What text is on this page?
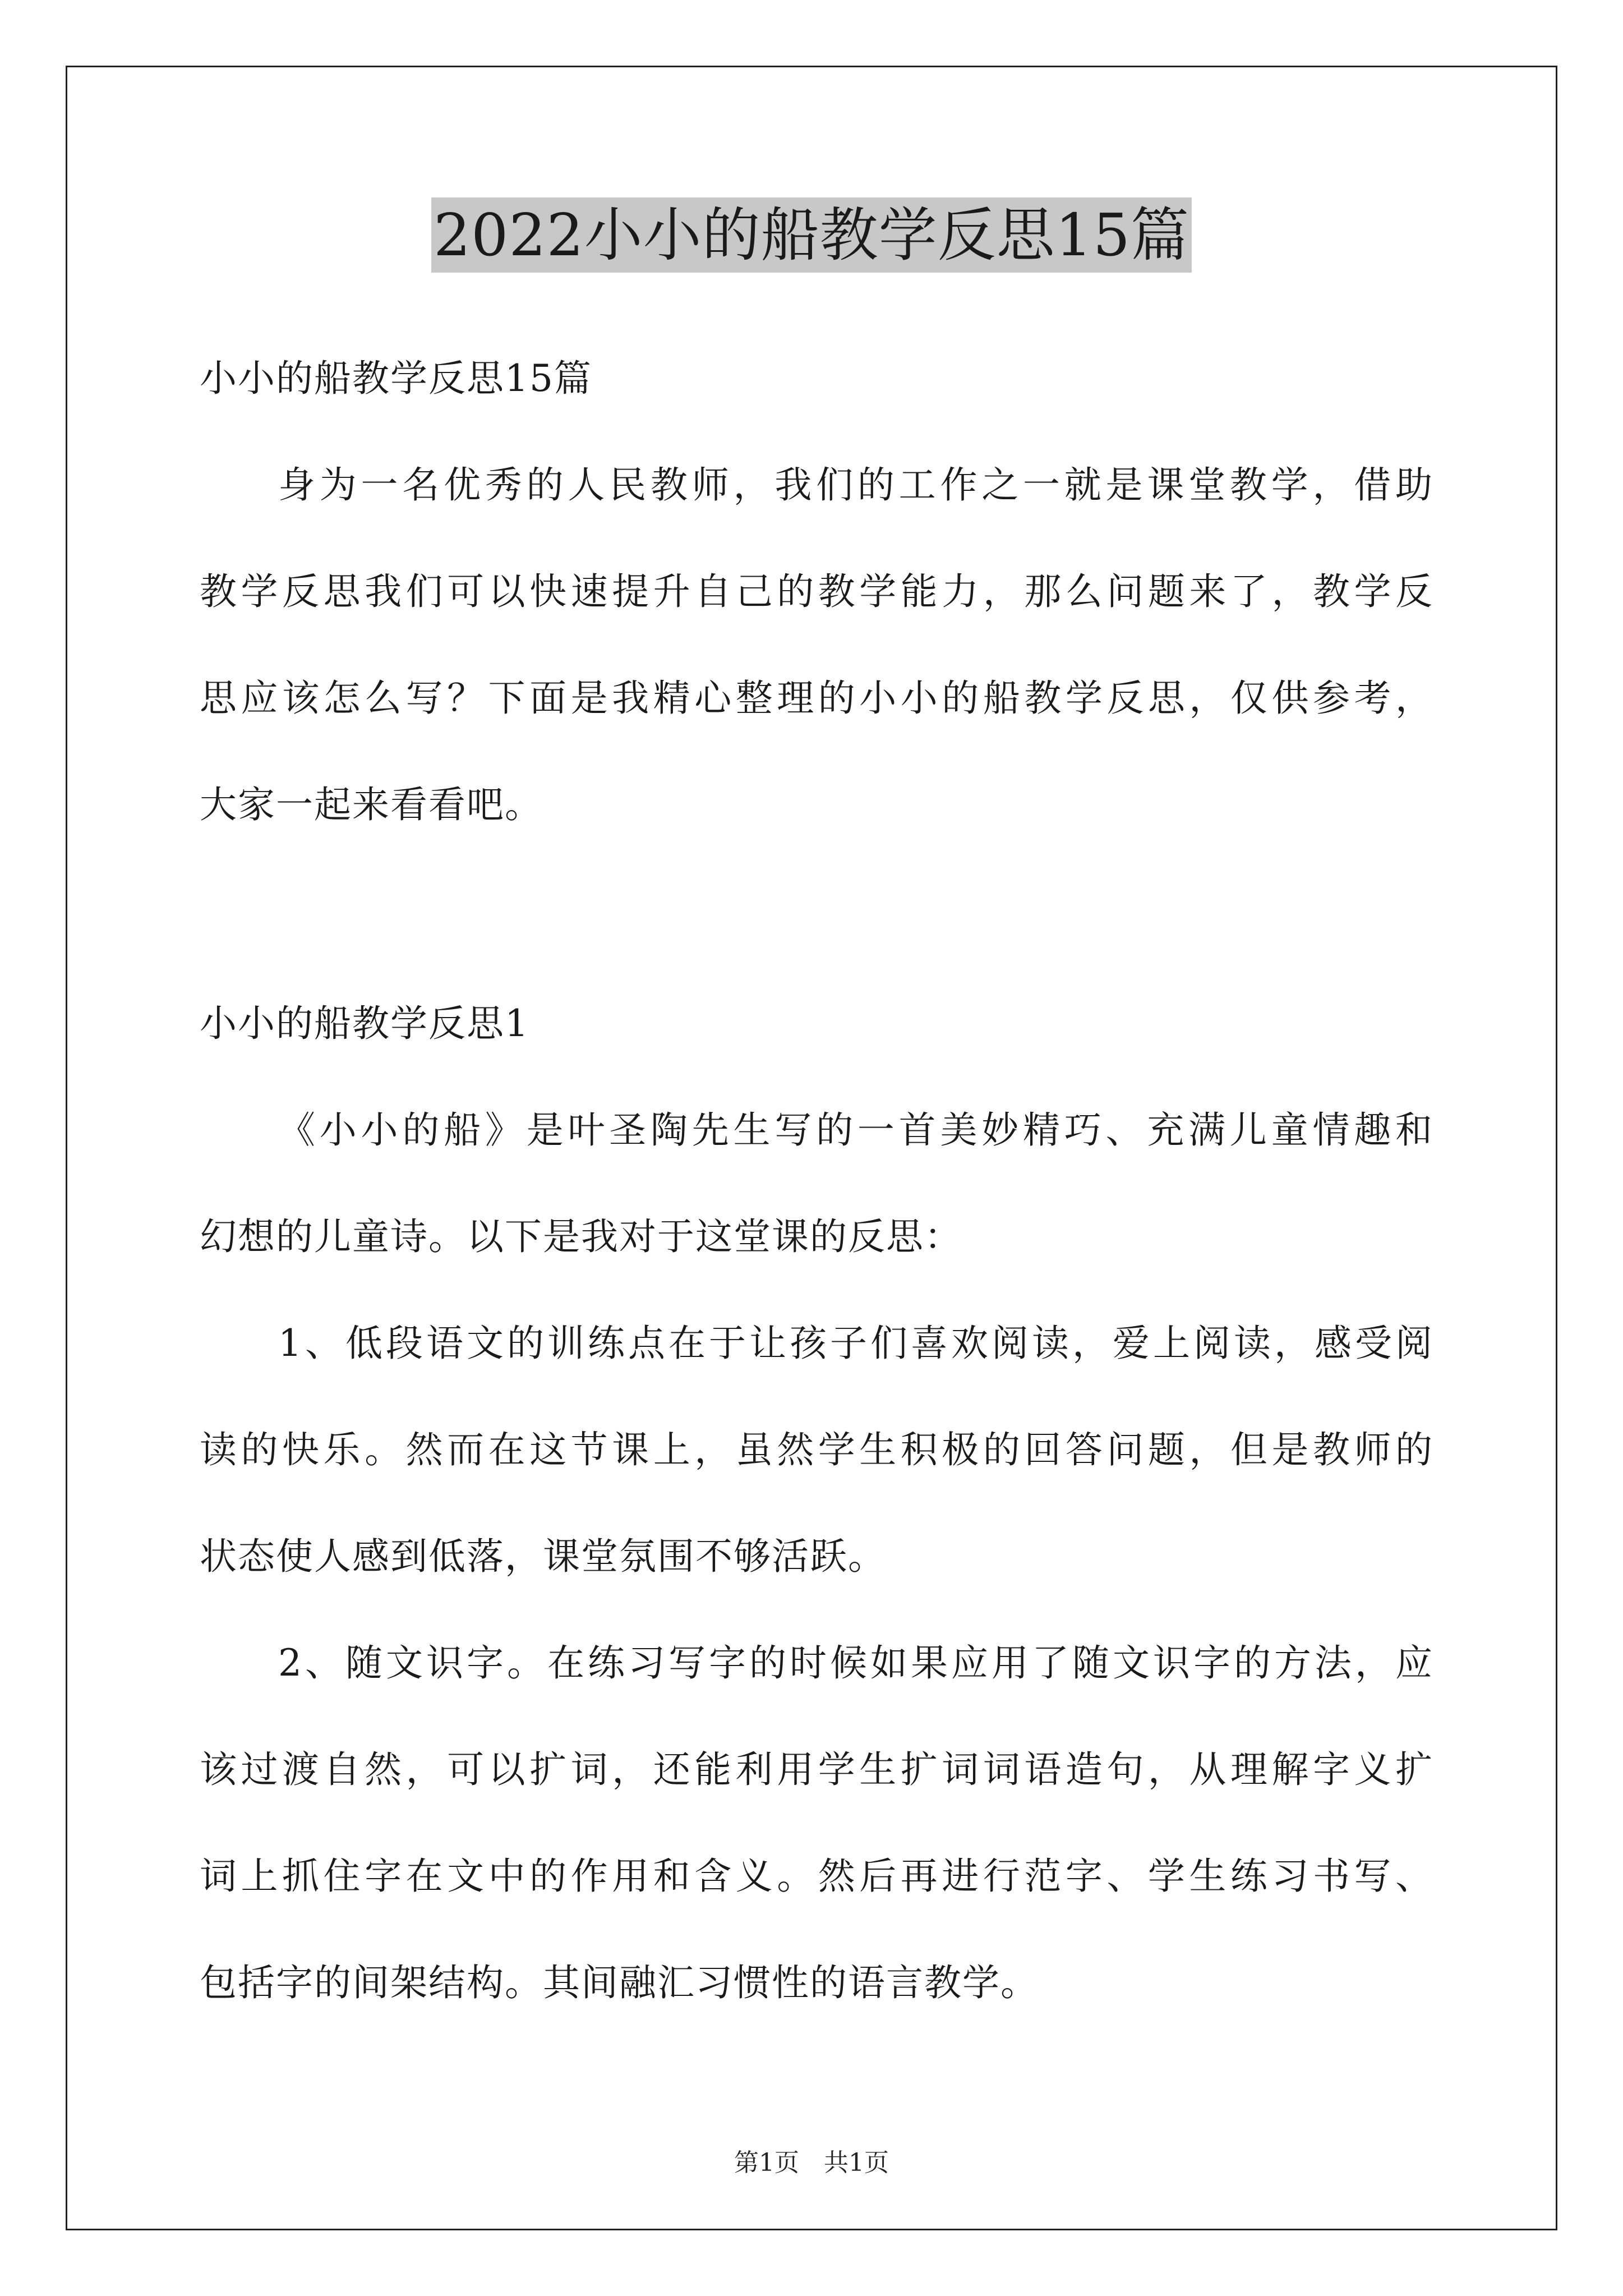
2022小小的船教学反思15篇
小小的船教学反思15篇
身为一名优秀的人民教师，我们的工作之一就是课堂教学，借助
教学反思我们可以快速提升自己的教学能力，那么问题来了，教学反
思应该怎么写？下面是我精心整理的小小的船教学反思，仅供参考，
大家一起来看看吧。
小小的船教学反思1
《小小的船》是叶圣陶先生写的一首美妙精巧、充满儿童情趣和
幻想的儿童诗。以下是我对于这堂课的反思：
1、低段语文的训练点在于让孩子们喜欢阅读，爱上阅读，感受阅
读的快乐。然而在这节课上，虽然学生积极的回答问题，但是教师的
状态使人感到低落，课堂氛围不够活跃。
2、随文识字。在练习写字的时候如果应用了随文识字的方法，应
该过渡自然，可以扩词，还能利用学生扩词词语造句，从理解字义扩
词上抓住字在文中的作用和含义。然后再进行范字、学生练习书写、
包括字的间架结构。其间融汇习惯性的语言教学。
第1页 共1页
